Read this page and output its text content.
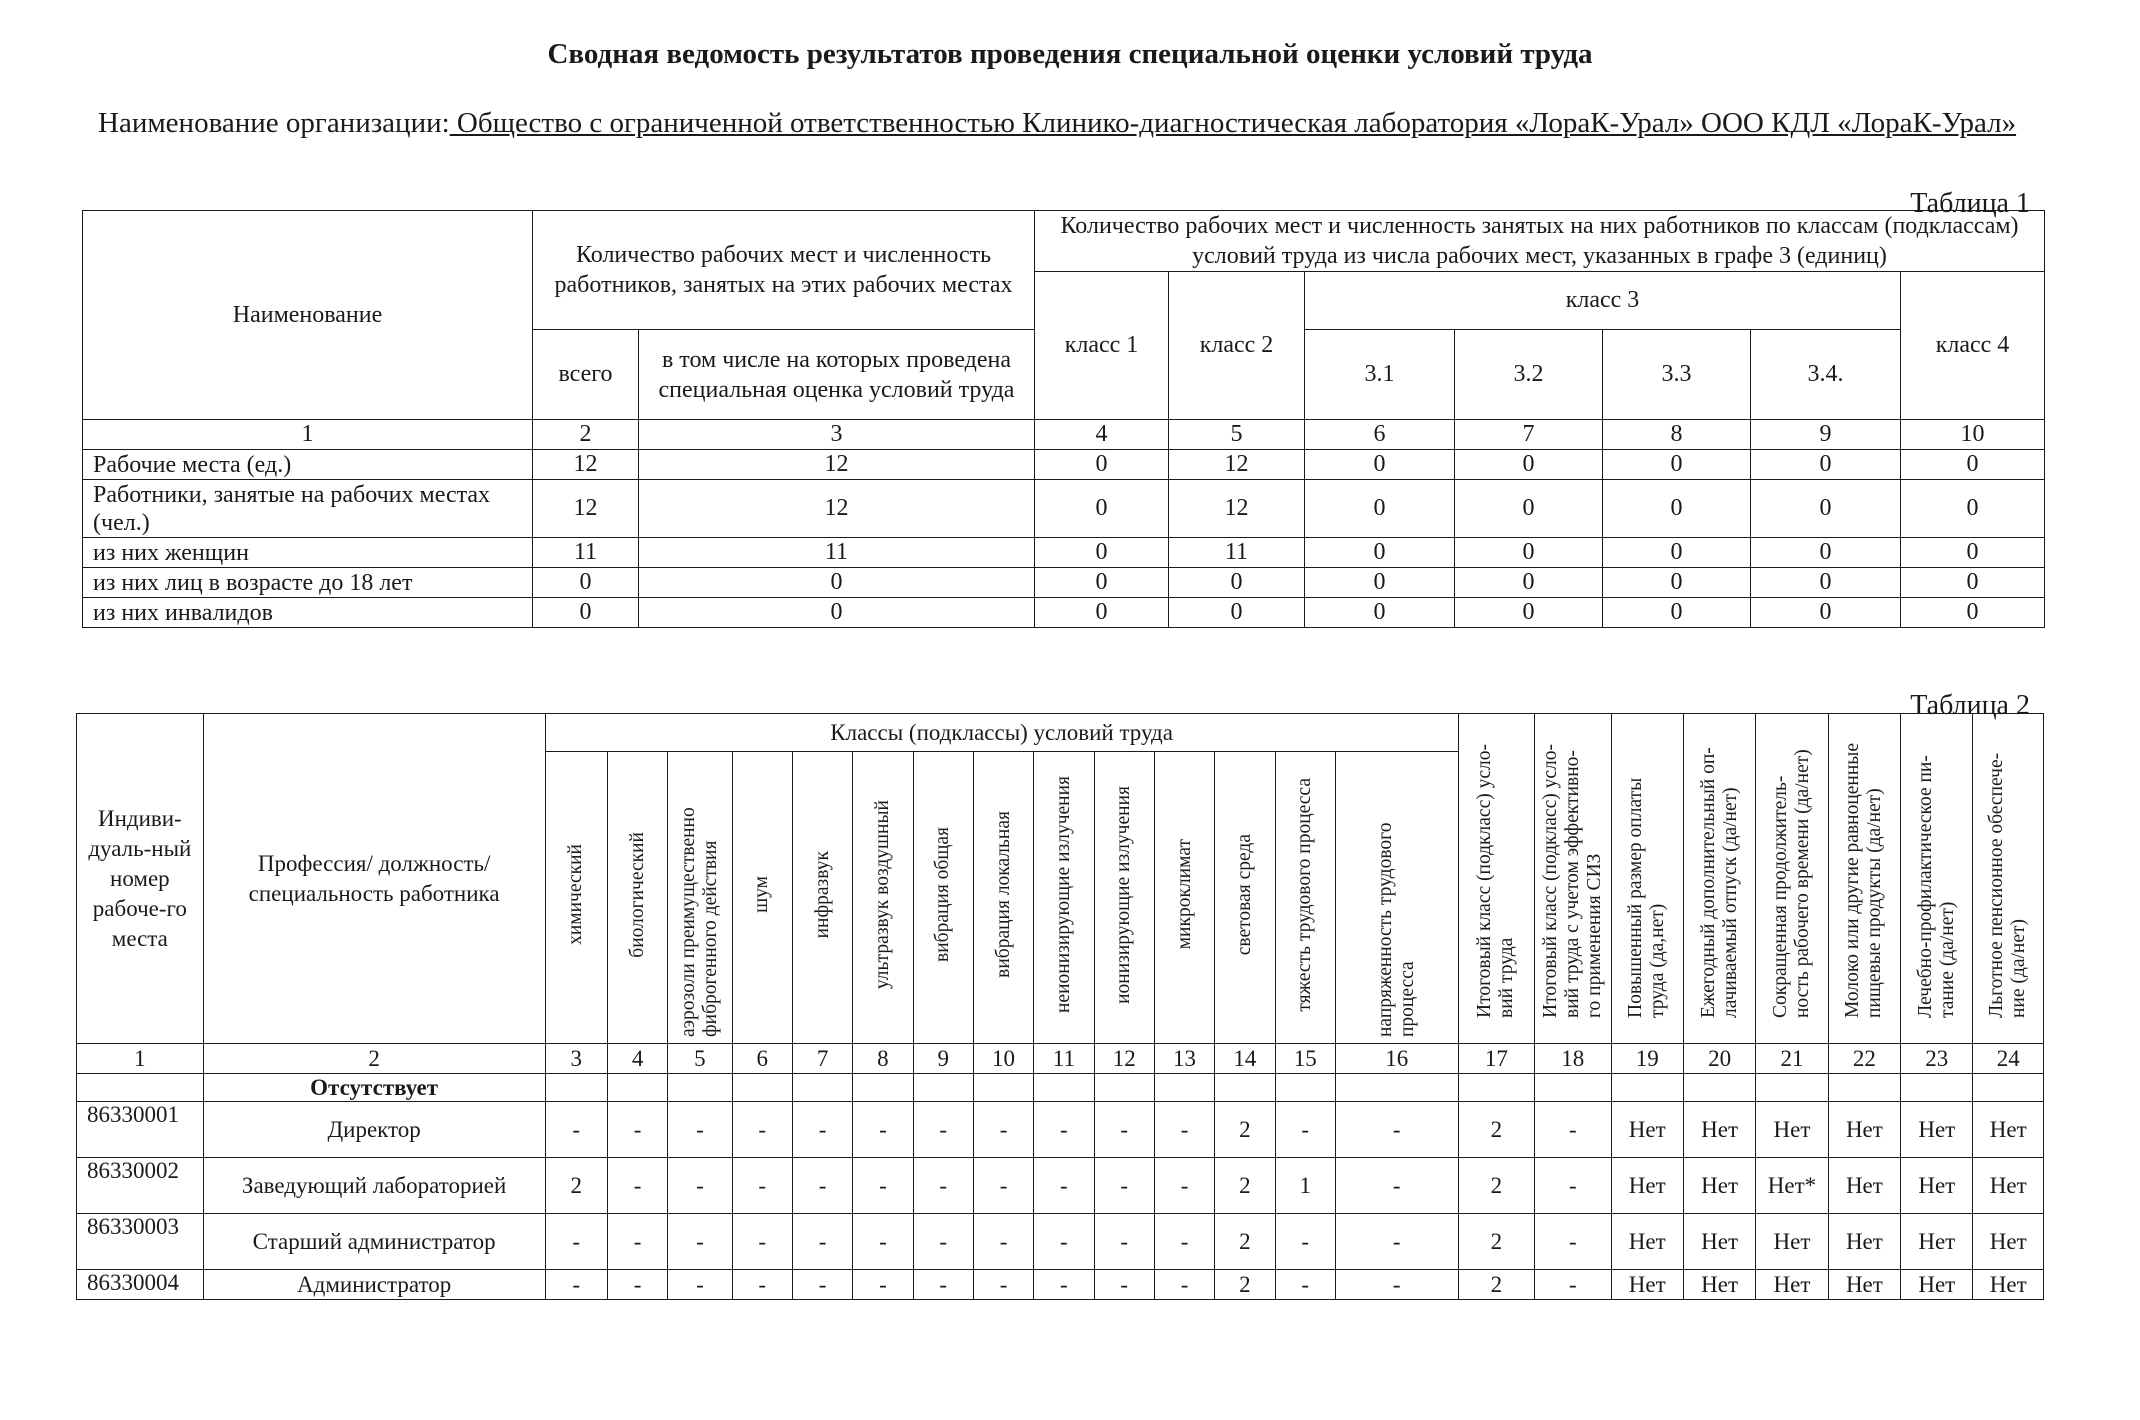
Сводная ведомость результатов проведения специальной оценки условий труда
Наименование организации: Общество с ограниченной ответственностью Клинико-диагностическая лаборатория «ЛораК-Урал» ООО КДЛ «ЛораК-Урал»
Таблица 1
Наименование	Количество рабочих мест и численность работников, занятых на этих рабочих местах		Количество рабочих мест и численность занятых на них работников по классам (подклассам) условий труда из числа рабочих мест, указанных в графе 3 (единиц)						
			класс 1	класс 2	класс 3				класс 4
	всего	в том числе на которых проведена специальная оценка условий труда			3.1	3.2	3.3	3.4.	
1	2	3	4	5	6	7	8	9	10
Рабочие места (ед.)	12	12	0	12	0	0	0	0	0
Работники, занятые на рабочих местах (чел.)	12	12	0	12	0	0	0	0	0
из них женщин	11	11	0	11	0	0	0	0	0
из них лиц в возрасте до 18 лет	0	0	0	0	0	0	0	0	0
из них инвалидов	0	0	0	0	0	0	0	0	0
Таблица 2
Индиви-дуаль-ный номер рабоче-го места	Профессия/ должность/ специальность работника	Классы (подклассы) условий труда														Итоговый класс (подкласс) усло-вий труда	Итоговый класс (подкласс) усло-вий труда с учетом эффективно-го применения СИЗ	Повышенный размер оплаты труда (да,нет)	Ежегодный дополнительный оп-лачиваемый отпуск (да/нет)	Сокращенная продолжитель-ность рабочего времени (да/нет)	Молоко или другие равноценные пищевые продукты (да/нет)	Лечебно-профилактическое пи-тание (да/нет)	Льготное пенсионное обеспече-ние (да/нет)
		химический	биологический	аэрозоли преимущественно фиброгенного действия	шум	инфразвук	ультразвук воздушный	вибрация общая	вибрация локальная	неионизирующие излучения	ионизирующие излучения	микроклимат	световая среда	тяжесть трудового процесса	напряженность трудового процесса								
1	2	3	4	5	6	7	8	9	10	11	12	13	14	15	16	17	18	19	20	21	22	23	24
	Отсутствует																						
86330001	Директор	-	-	-	-	-	-	-	-	-	-	-	2	-	-	2	-	Нет	Нет	Нет	Нет	Нет	Нет
86330002	Заведующий лабораторией	2	-	-	-	-	-	-	-	-	-	-	2	1	-	2	-	Нет	Нет	Нет*	Нет	Нет	Нет
86330003	Старший администратор	-	-	-	-	-	-	-	-	-	-	-	2	-	-	2	-	Нет	Нет	Нет	Нет	Нет	Нет
86330004	Администратор	-	-	-	-	-	-	-	-	-	-	-	2	-	-	2	-	Нет	Нет	Нет	Нет	Нет	Нет
